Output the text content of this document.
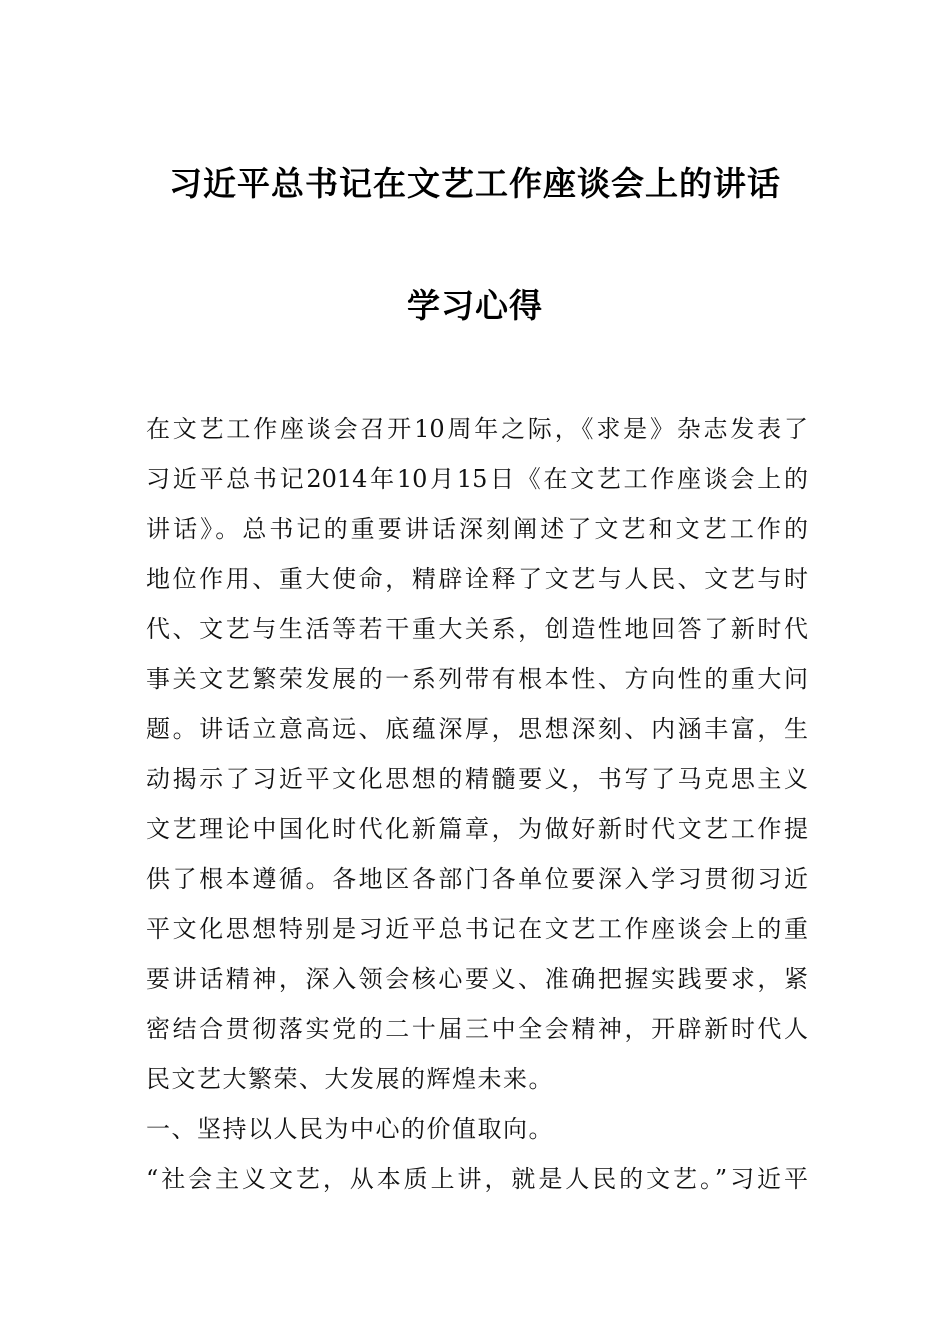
习近平总书记在文艺工作座谈会上的讲话
学习心得
在文艺工作座谈会召开10周年之际，《求是》杂志发表了
习近平总书记2014年10月15日《在文艺工作座谈会上的
讲话》。总书记的重要讲话深刻阐述了文艺和文艺工作的
地位作用、重大使命，精辟诠释了文艺与人民、文艺与时
代、文艺与生活等若干重大关系，创造性地回答了新时代
事关文艺繁荣发展的一系列带有根本性、方向性的重大问
题。讲话立意高远、底蕴深厚，思想深刻、内涵丰富，生
动揭示了习近平文化思想的精髓要义，书写了马克思主义
文艺理论中国化时代化新篇章，为做好新时代文艺工作提
供了根本遵循。各地区各部门各单位要深入学习贯彻习近
平文化思想特别是习近平总书记在文艺工作座谈会上的重
要讲话精神，深入领会核心要义、准确把握实践要求，紧
密结合贯彻落实党的二十届三中全会精神，开辟新时代人
民文艺大繁荣、大发展的辉煌未来。
一、坚持以人民为中心的价值取向。
“社会主义文艺，从本质上讲，就是人民的文艺。”习近平
